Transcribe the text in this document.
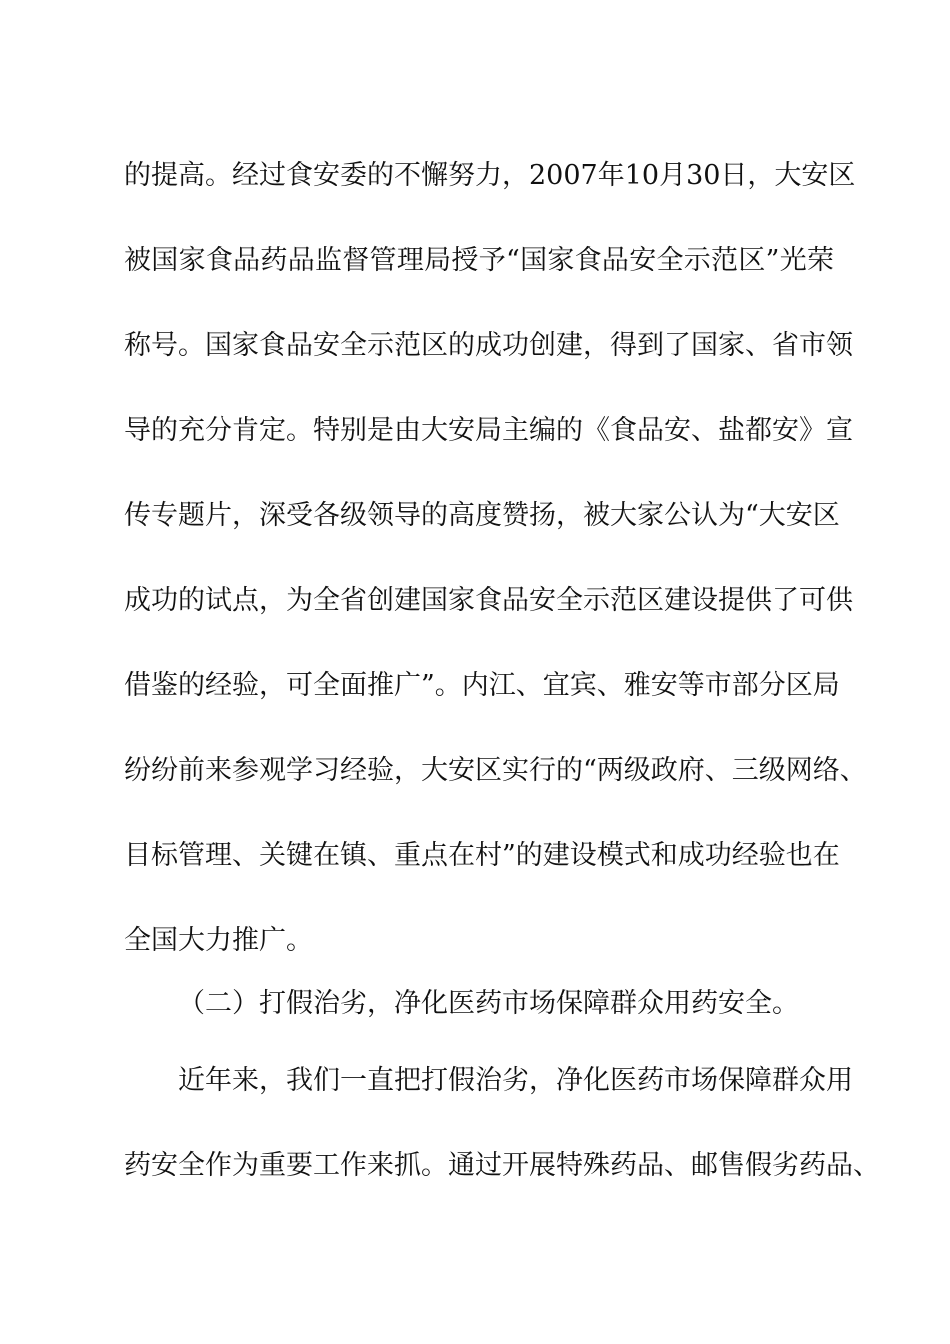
的提高。经过食安委的不懈努力，2007年10月30日，大安区
被国家食品药品监督管理局授予“国家食品安全示范区”光荣
称号。国家食品安全示范区的成功创建，得到了国家、省市领
导的充分肯定。特别是由大安局主编的《食品安、盐都安》宣
传专题片，深受各级领导的高度赞扬，被大家公认为“大安区
成功的试点，为全省创建国家食品安全示范区建设提供了可供
借鉴的经验，可全面推广”。内江、宜宾、雅安等市部分区局
纷纷前来参观学习经验，大安区实行的“两级政府、三级网络、
目标管理、关键在镇、重点在村”的建设模式和成功经验也在
全国大力推广。
（二）打假治劣，净化医药市场保障群众用药安全。
近年来，我们一直把打假治劣，净化医药市场保障群众用
药安全作为重要工作来抓。通过开展特殊药品、邮售假劣药品、
